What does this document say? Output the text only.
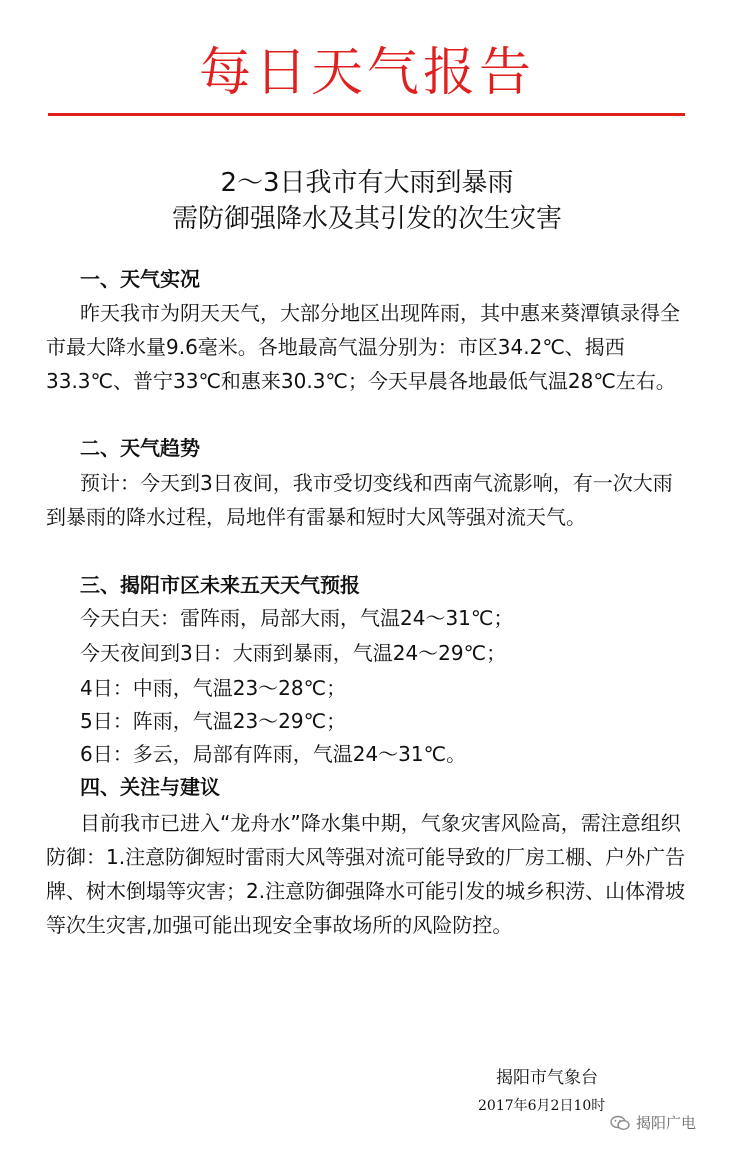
每日天气报告
2～3日我市有大雨到暴雨
需防御强降水及其引发的次生灾害
一、天气实况
昨天我市为阴天天气，大部分地区出现阵雨，其中惠来葵潭镇录得全市最大降水量9.6毫米。各地最高气温分别为：市区34.2℃、揭西33.3℃、普宁33℃和惠来30.3℃；今天早晨各地最低气温28℃左右。
二、天气趋势
预计：今天到3日夜间，我市受切变线和西南气流影响，有一次大雨到暴雨的降水过程，局地伴有雷暴和短时大风等强对流天气。
三、揭阳市区未来五天天气预报
今天白天：雷阵雨，局部大雨，气温24～31℃；
今天夜间到3日：大雨到暴雨，气温24～29℃；
4日：中雨，气温23～28℃；
5日：阵雨，气温23～29℃；
6日：多云，局部有阵雨，气温24～31℃。
四、关注与建议
目前我市已进入“龙舟水”降水集中期，气象灾害风险高，需注意组织防御：1.注意防御短时雷雨大风等强对流可能导致的厂房工棚、户外广告牌、树木倒塌等灾害；2.注意防御强降水可能引发的城乡积涝、山体滑坡等次生灾害,加强可能出现安全事故场所的风险防控。
揭阳市气象台
2017年6月2日10时
揭阳广电
